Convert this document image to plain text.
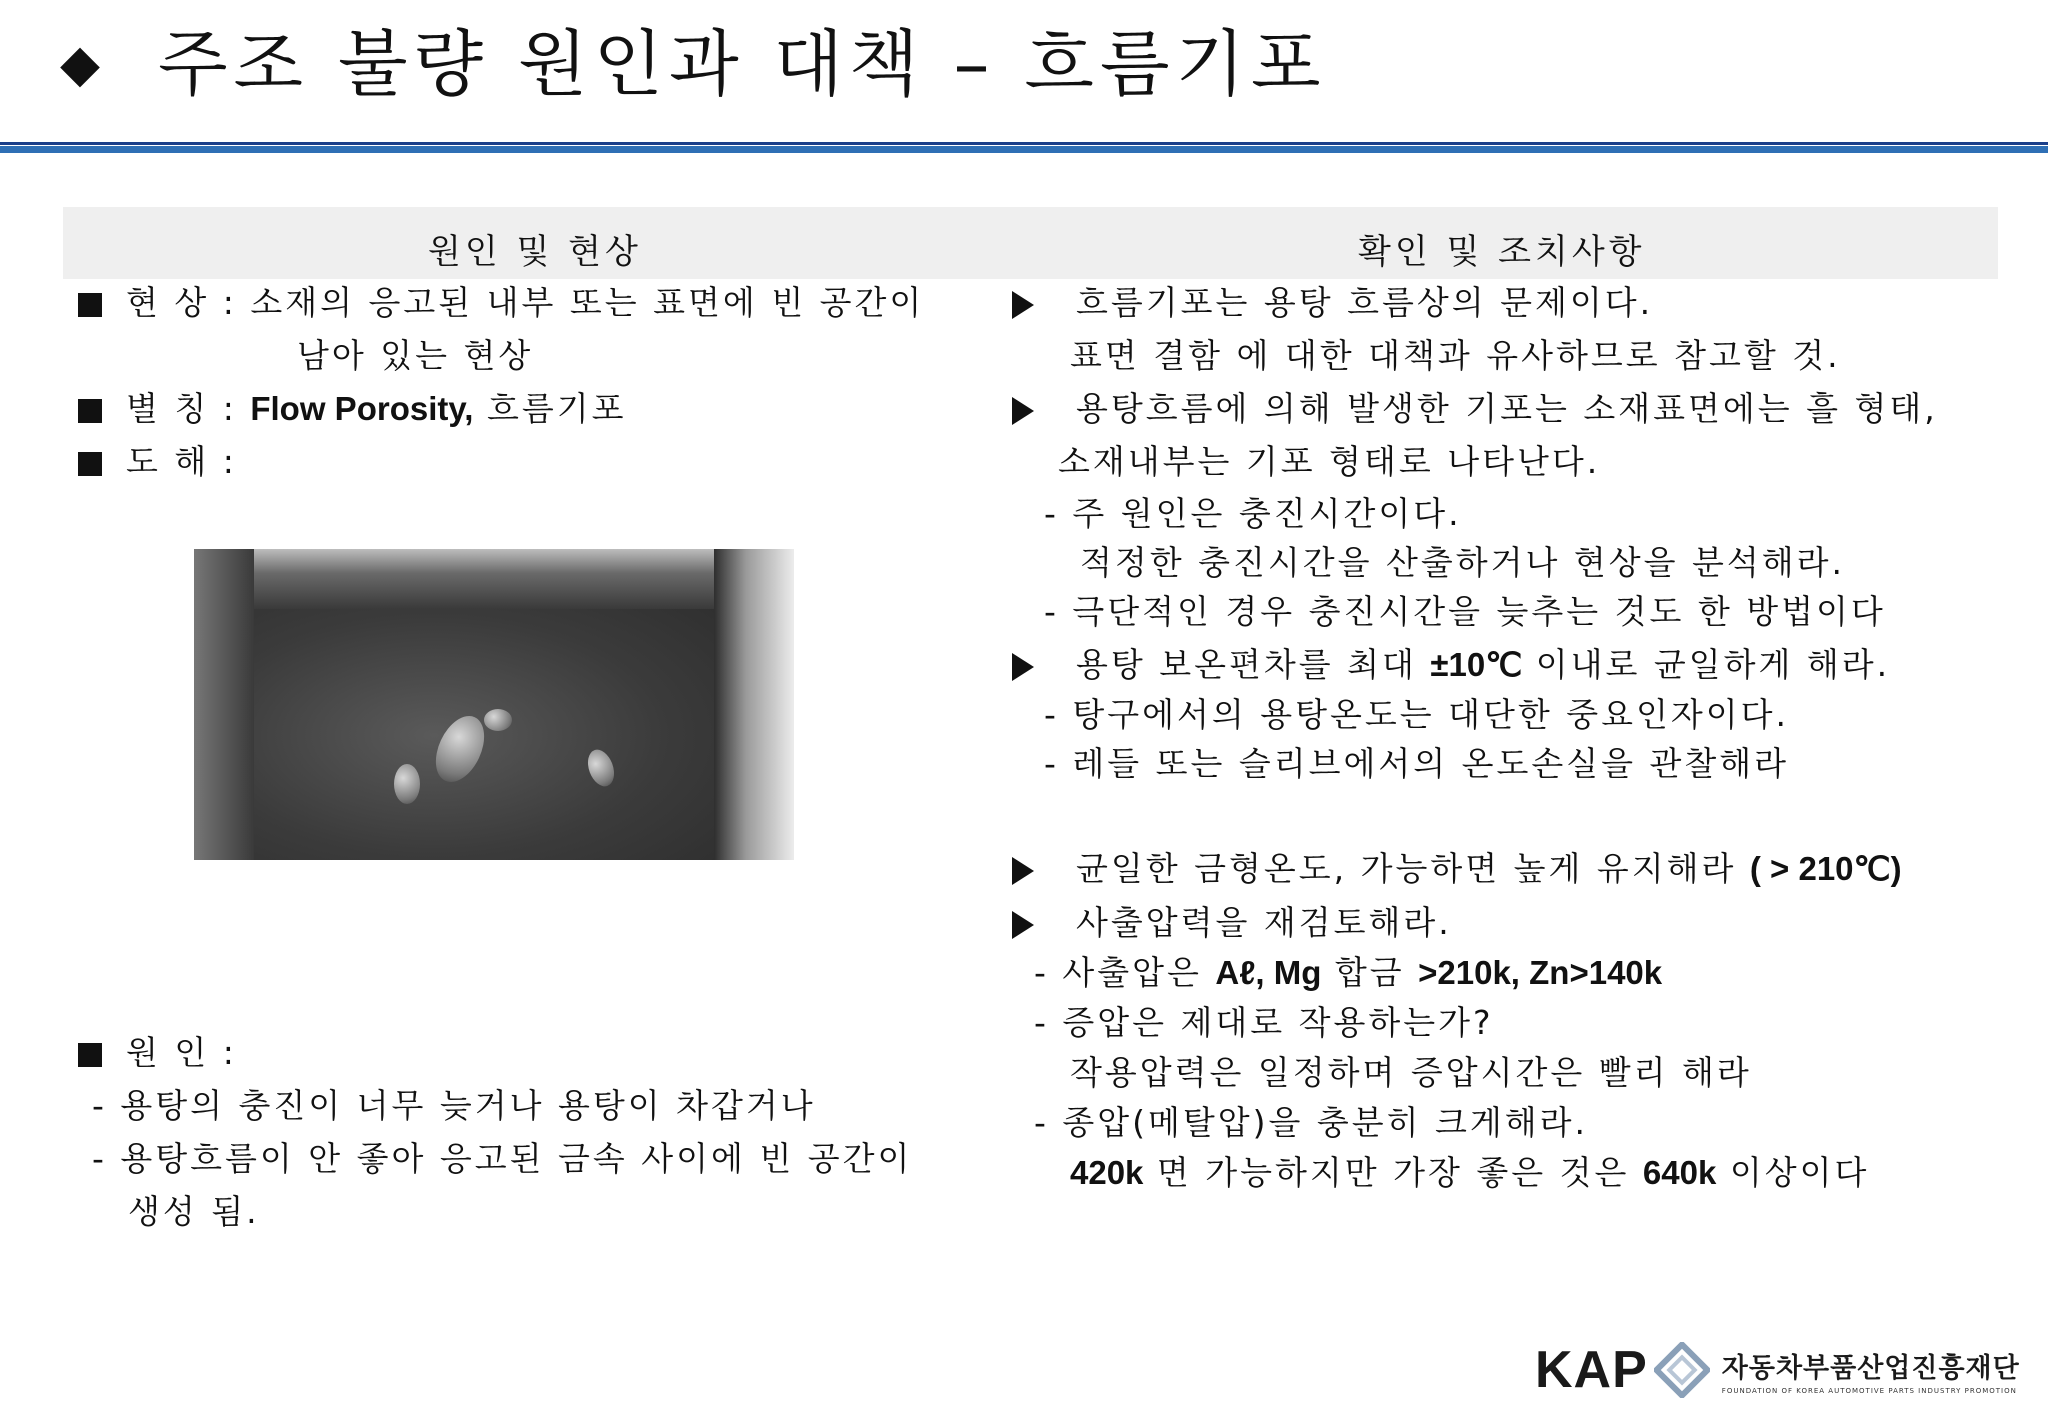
◆ 주조 불량 원인과 대책 – 흐름기포
원인 및 현상	확인 및 조치사항
현 상 : 소재의 응고된 내부 또는 표면에 빈 공간이
남아 있는 현상
별 칭 : Flow Porosity, 흐름기포
도 해 :
원 인 :
- 용탕의 충진이 너무 늦거나 용탕이 차갑거나
- 용탕흐름이 안 좋아 응고된 금속 사이에 빈 공간이
생성 됨.
흐름기포는 용탕 흐름상의 문제이다.
표면 결함 에 대한 대책과 유사하므로 참고할 것.
용탕흐름에 의해 발생한 기포는 소재표면에는 흘 형태,
소재내부는 기포 형태로 나타난다.
- 주 원인은 충진시간이다.
적정한 충진시간을 산출하거나 현상을 분석해라.
- 극단적인 경우 충진시간을 늦추는 것도 한 방법이다
용탕 보온편차를 최대 ±10℃ 이내로 균일하게 해라.
- 탕구에서의 용탕온도는 대단한 중요인자이다.
- 레들 또는 슬리브에서의 온도손실을 관찰해라
균일한 금형온도, 가능하면 높게 유지해라 ( > 210℃)
사출압력을 재검토해라.
- 사출압은 Aℓ, Mg 합금 >210k, Zn>140k
- 증압은 제대로 작용하는가?
작용압력은 일정하며 증압시간은 빨리 해라
- 종압(메탈압)을 충분히 크게해라.
420k 면 가능하지만 가장 좋은 것은 640k 이상이다
KAP	자동차부품산업진흥재단
FOUNDATION OF KOREA AUTOMOTIVE PARTS INDUSTRY PROMOTION
